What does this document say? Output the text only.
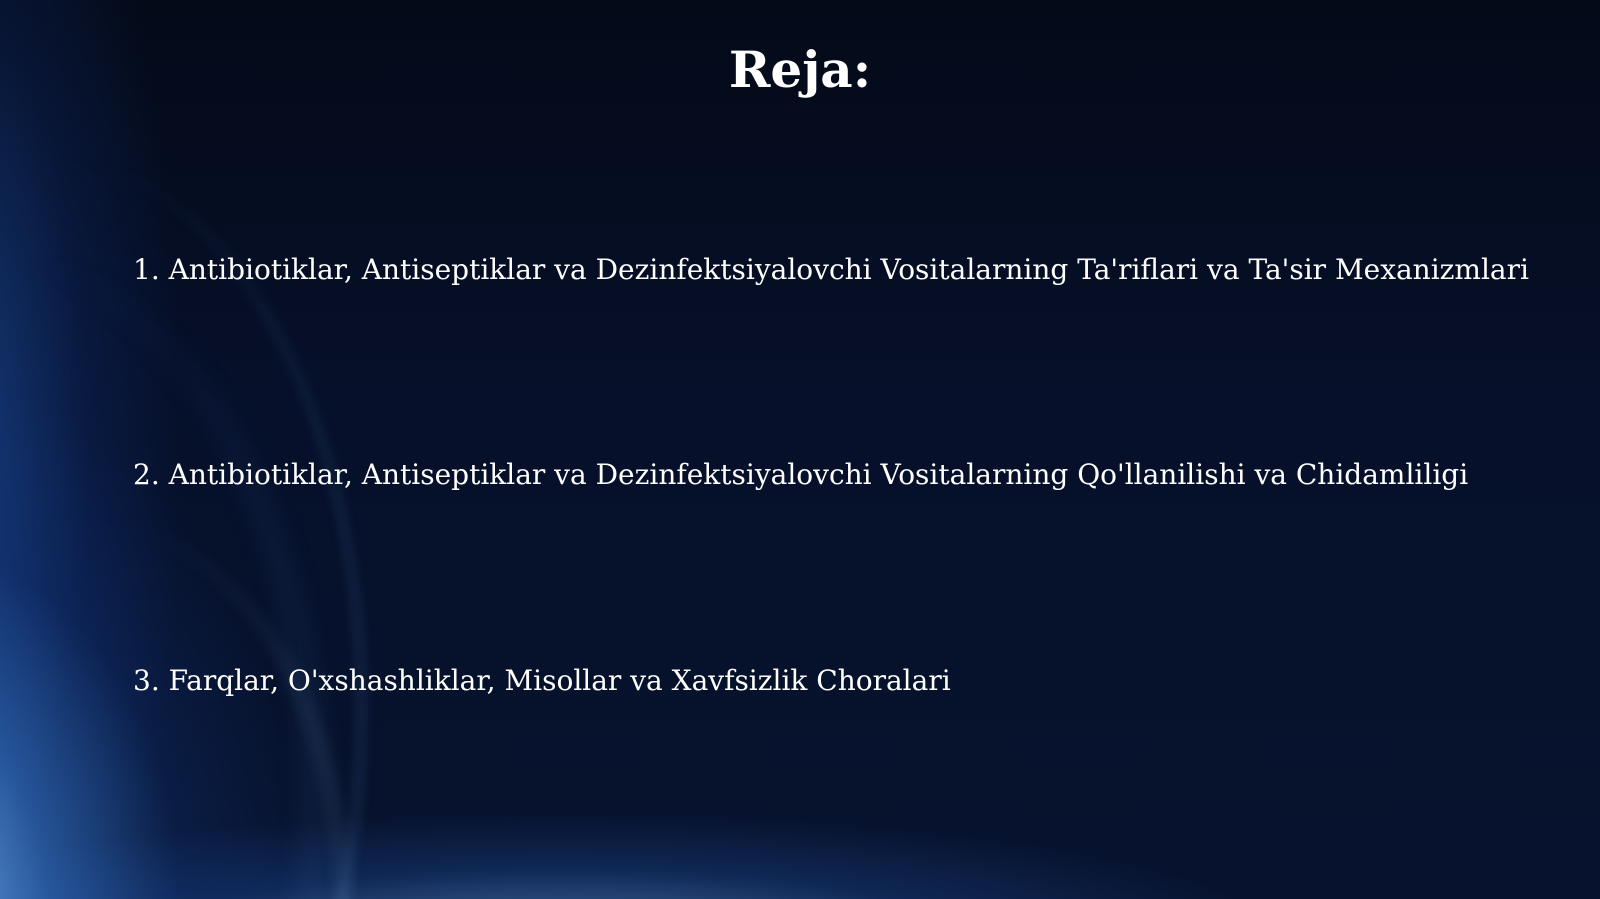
Reja:

1. Antibiotiklar, Antiseptiklar va Dezinfektsiyalovchi Vositalarning Ta'riflari va Ta'sir Mexanizmlari

2. Antibiotiklar, Antiseptiklar va Dezinfektsiyalovchi Vositalarning Qo'llanilishi va Chidamliligi

3. Farqlar, O'xshashliklar, Misollar va Xavfsizlik Choralari
